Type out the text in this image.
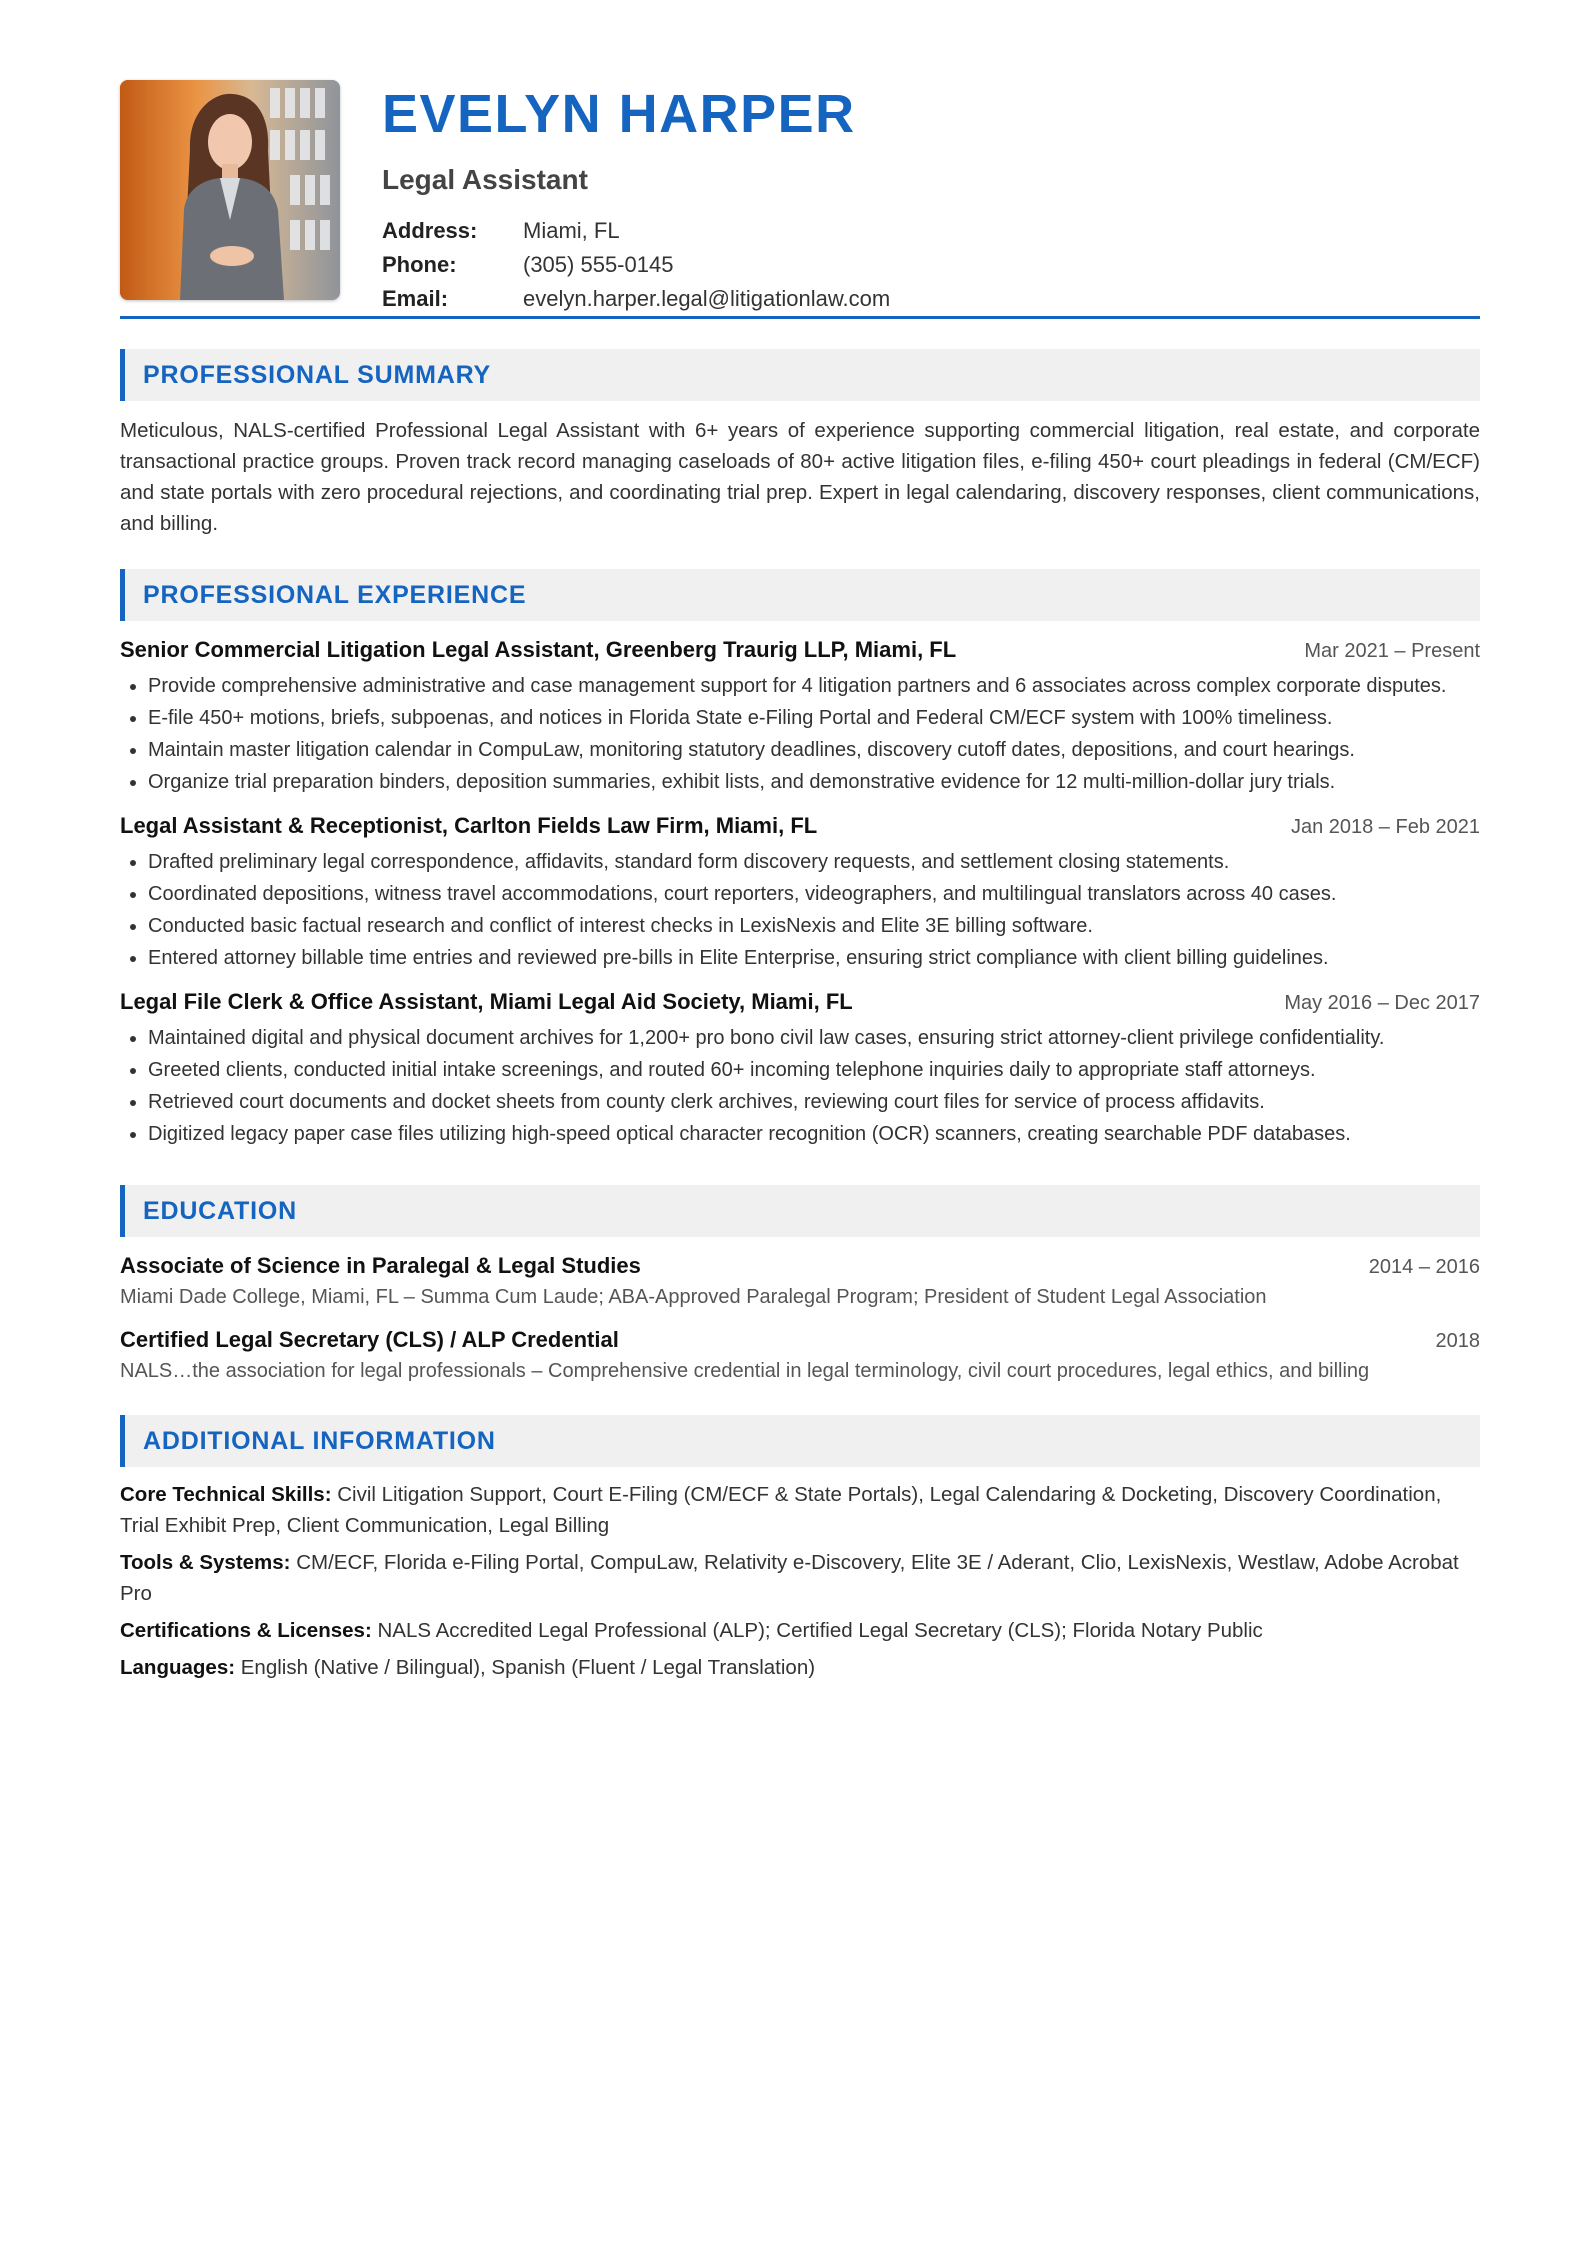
EVELYN HARPER
Legal Assistant
Address:	Miami, FL
Phone:	(305) 555-0145
Email:	evelyn.harper.legal@litigationlaw.com
PROFESSIONAL SUMMARY

Meticulous, NALS-certified Professional Legal Assistant with 6+ years of experience supporting commercial litigation, real estate, and corporate transactional practice groups. Proven track record managing caseloads of 80+ active litigation files, e-filing 450+ court pleadings in federal (CM/ECF) and state portals with zero procedural rejections, and coordinating trial prep. Expert in legal calendaring, discovery responses, client communications, and billing.

PROFESSIONAL EXPERIENCE
Senior Commercial Litigation Legal Assistant, Greenberg Traurig LLP, Miami, FL	Mar 2021 – Present
Provide comprehensive administrative and case management support for 4 litigation partners and 6 associates across complex corporate disputes.
E-file 450+ motions, briefs, subpoenas, and notices in Florida State e-Filing Portal and Federal CM/ECF system with 100% timeliness.
Maintain master litigation calendar in CompuLaw, monitoring statutory deadlines, discovery cutoff dates, depositions, and court hearings.
Organize trial preparation binders, deposition summaries, exhibit lists, and demonstrative evidence for 12 multi-million-dollar jury trials.
Legal Assistant & Receptionist, Carlton Fields Law Firm, Miami, FL	Jan 2018 – Feb 2021
Drafted preliminary legal correspondence, affidavits, standard form discovery requests, and settlement closing statements.
Coordinated depositions, witness travel accommodations, court reporters, videographers, and multilingual translators across 40 cases.
Conducted basic factual research and conflict of interest checks in LexisNexis and Elite 3E billing software.
Entered attorney billable time entries and reviewed pre-bills in Elite Enterprise, ensuring strict compliance with client billing guidelines.
Legal File Clerk & Office Assistant, Miami Legal Aid Society, Miami, FL	May 2016 – Dec 2017
Maintained digital and physical document archives for 1,200+ pro bono civil law cases, ensuring strict attorney-client privilege confidentiality.
Greeted clients, conducted initial intake screenings, and routed 60+ incoming telephone inquiries daily to appropriate staff attorneys.
Retrieved court documents and docket sheets from county clerk archives, reviewing court files for service of process affidavits.
Digitized legacy paper case files utilizing high-speed optical character recognition (OCR) scanners, creating searchable PDF databases.
EDUCATION
Associate of Science in Paralegal & Legal Studies	2014 – 2016
Miami Dade College, Miami, FL – Summa Cum Laude; ABA-Approved Paralegal Program; President of Student Legal Association
Certified Legal Secretary (CLS) / ALP Credential	2018
NALS…the association for legal professionals – Comprehensive credential in legal terminology, civil court procedures, legal ethics, and billing
ADDITIONAL INFORMATION
Core Technical Skills: Civil Litigation Support, Court E-Filing (CM/ECF & State Portals), Legal Calendaring & Docketing, Discovery Coordination, Trial Exhibit Prep, Client Communication, Legal Billing
Tools & Systems: CM/ECF, Florida e-Filing Portal, CompuLaw, Relativity e-Discovery, Elite 3E / Aderant, Clio, LexisNexis, Westlaw, Adobe Acrobat Pro
Certifications & Licenses: NALS Accredited Legal Professional (ALP); Certified Legal Secretary (CLS); Florida Notary Public
Languages: English (Native / Bilingual), Spanish (Fluent / Legal Translation)
